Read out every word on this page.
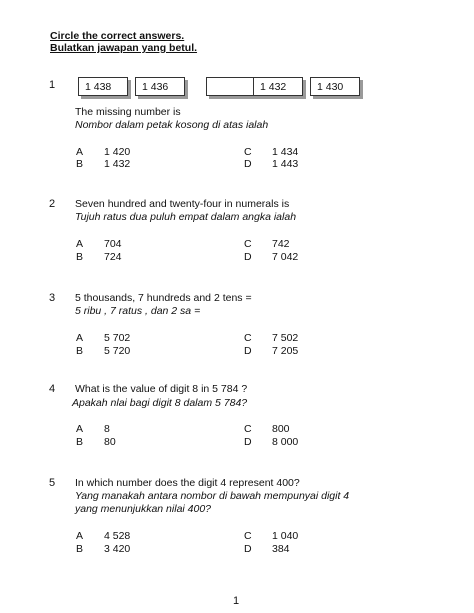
Circle the correct answers.
Bulatkan jawapan yang betul.
1	1 438	1 436	1 432	1 430
The missing number is
Nombor dalam petak kosong di atas ialah
A 1 420
B 1 432
C 1 434
D 1 443
2 Seven hundred and twenty-four in numerals is
Tujuh ratus dua puluh empat dalam angka ialah
A 704
B 724
C 742
D 7 042
3 5 thousands, 7 hundreds and 2 tens =
5 ribu , 7 ratus , dan 2 sa =
A 5 702
B 5 720
C 7 502
D 7 205
4 What is the value of digit 8 in 5 784 ?
Apakah nlai bagi digit 8 dalam 5 784?
A 8
B 80
C 800
D 8 000
5 In which number does the digit 4 represent 400?
Yang manakah antara nombor di bawah mempunyai digit 4
yang menunjukkan nilai 400?
A 4 528
B 3 420
C 1 040
D 384
1
